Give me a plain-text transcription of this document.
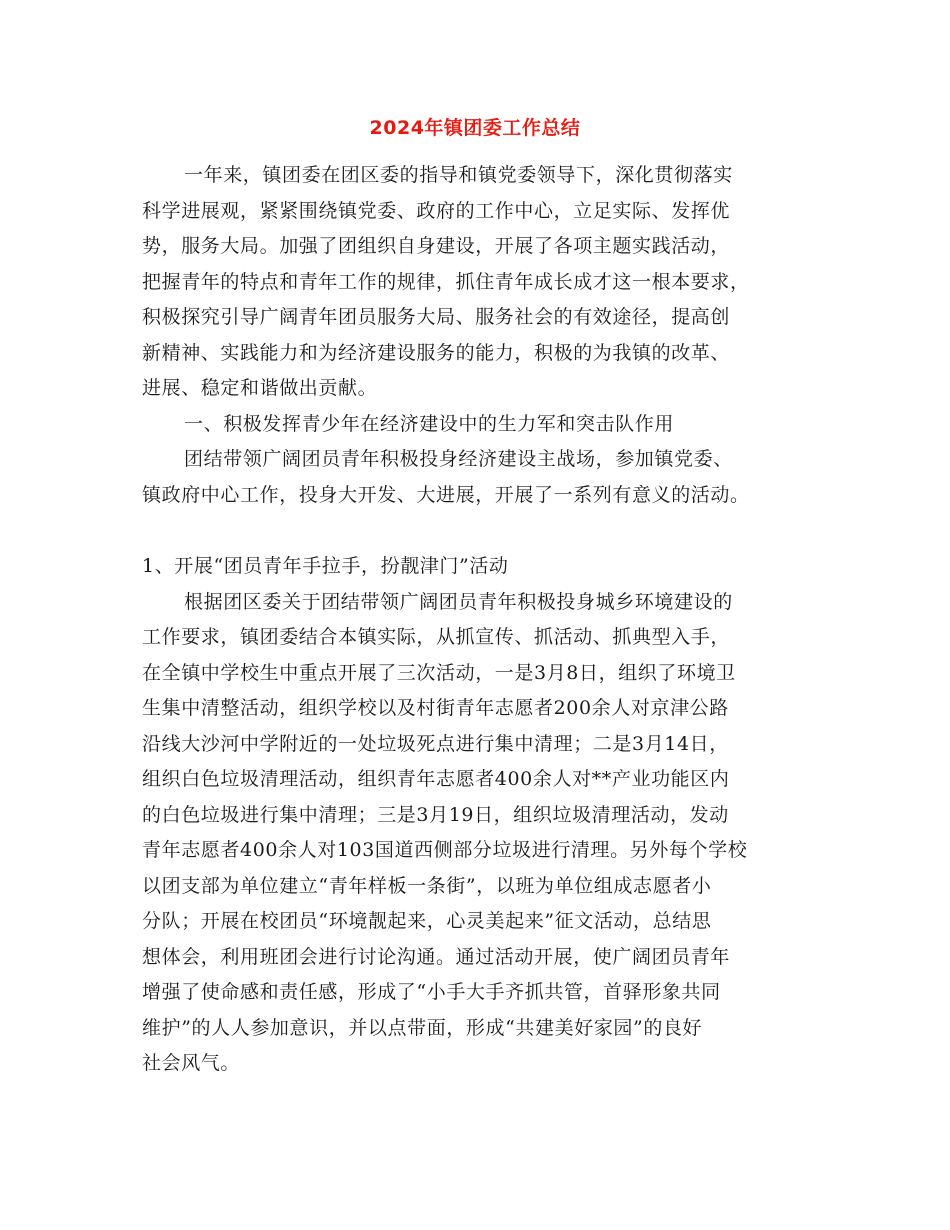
2024年镇团委工作总结
一年来，镇团委在团区委的指导和镇党委领导下，深化贯彻落实
科学进展观，紧紧围绕镇党委、政府的工作中心，立足实际、发挥优
势，服务大局。加强了团组织自身建设，开展了各项主题实践活动，
把握青年的特点和青年工作的规律，抓住青年成长成才这一根本要求，
积极探究引导广阔青年团员服务大局、服务社会的有效途径，提高创
新精神、实践能力和为经济建设服务的能力，积极的为我镇的改革、
进展、稳定和谐做出贡献。
一、积极发挥青少年在经济建设中的生力军和突击队作用
团结带领广阔团员青年积极投身经济建设主战场，参加镇党委、
镇政府中心工作，投身大开发、大进展，开展了一系列有意义的活动。
1、开展“团员青年手拉手，扮靓津门”活动
根据团区委关于团结带领广阔团员青年积极投身城乡环境建设的
工作要求，镇团委结合本镇实际，从抓宣传、抓活动、抓典型入手，
在全镇中学校生中重点开展了三次活动，一是3月8日，组织了环境卫
生集中清整活动，组织学校以及村街青年志愿者200余人对京津公路
沿线大沙河中学附近的一处垃圾死点进行集中清理；二是3月14日，
组织白色垃圾清理活动，组织青年志愿者400余人对**产业功能区内
的白色垃圾进行集中清理；三是3月19日，组织垃圾清理活动，发动
青年志愿者400余人对103国道西侧部分垃圾进行清理。另外每个学校
以团支部为单位建立“青年样板一条街”，以班为单位组成志愿者小
分队；开展在校团员“环境靓起来，心灵美起来”征文活动，总结思
想体会，利用班团会进行讨论沟通。通过活动开展，使广阔团员青年
增强了使命感和责任感，形成了“小手大手齐抓共管，首驿形象共同
维护”的人人参加意识，并以点带面，形成“共建美好家园”的良好
社会风气。
